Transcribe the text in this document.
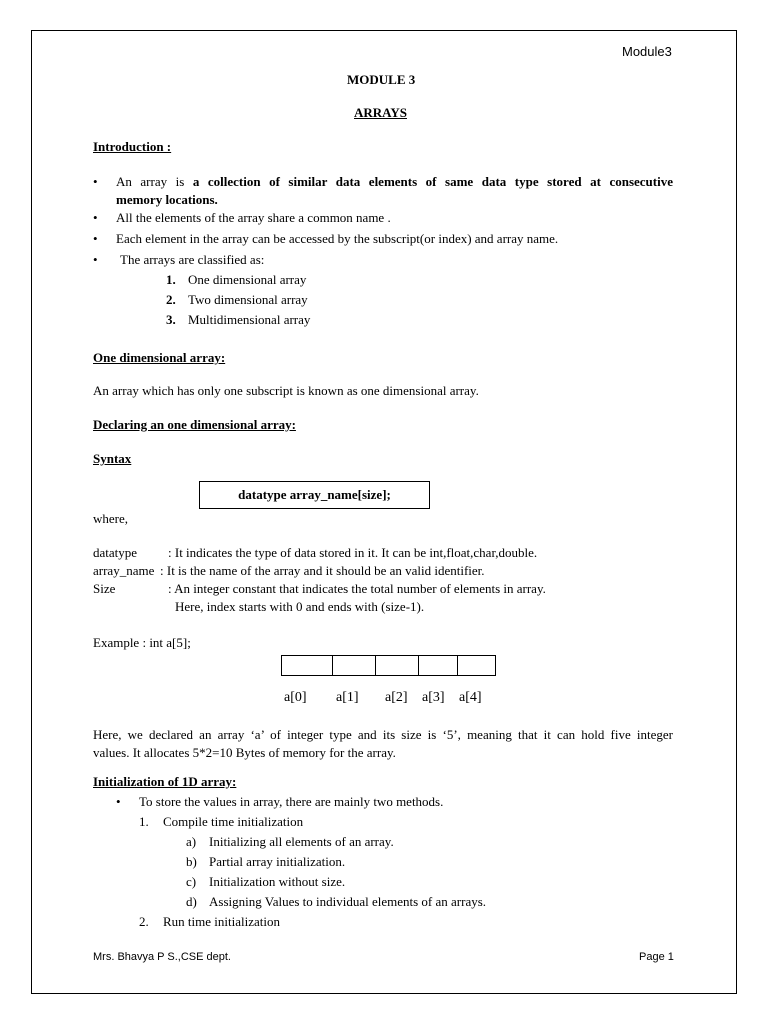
Module3
MODULE 3
ARRAYS
Introduction :
• An array is a collection of similar data elements of same data type stored at consecutive
memory locations.
• All the elements of the array share a common name .
• Each element in the array can be accessed by the subscript(or index) and array name.
• The arrays are classified as:
1. One dimensional array
2. Two dimensional array
3. Multidimensional array
One dimensional array:
An array which has only one subscript is known as one dimensional array.
Declaring an one dimensional array:
Syntax
datatype array_name[size];
where,
datatype : It indicates the type of data stored in it. It can be int,float,char,double.
array_name : It is the name of the array and it should be an valid identifier.
Size	: An integer constant that indicates the total number of elements in array.
Here, index starts with 0 and ends with (size-1).
Example : int a[5];
a[0] a[1] a[2] a[3] a[4]
Here, we declared an array ‘a’ of integer type and its size is ‘5’, meaning that it can hold five integer
values. It allocates 5*2=10 Bytes of memory for the array.
Initialization of 1D array:
• To store the values in array, there are mainly two methods.
1. Compile time initialization
a) Initializing all elements of an array.
b) Partial array initialization.
c) Initialization without size.
d) Assigning Values to individual elements of an arrays.
2. Run time initialization
Mrs. Bhavya P S.,CSE dept.	Page 1
